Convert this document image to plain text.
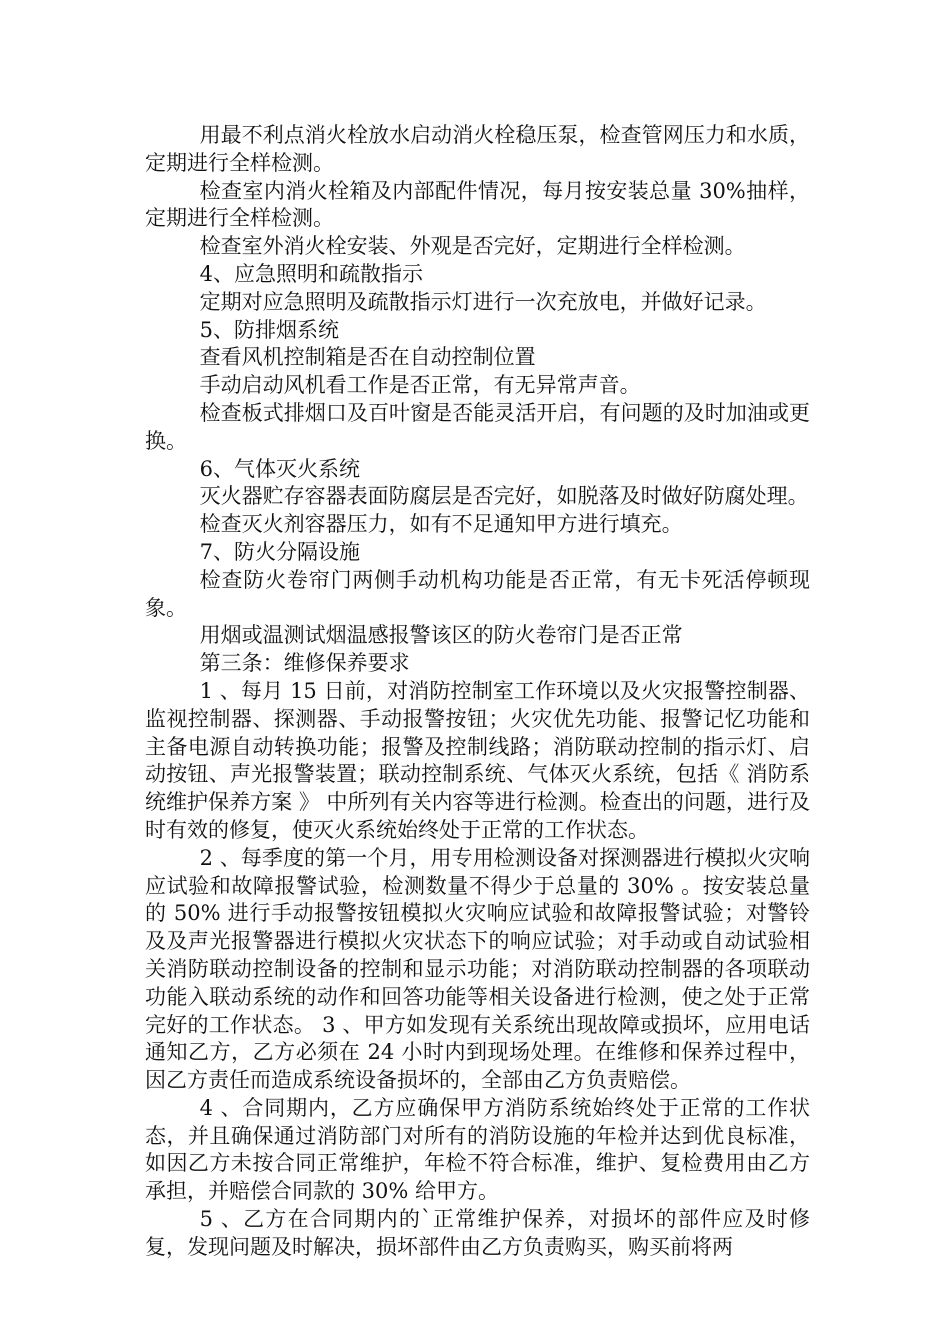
用最不利点消火栓放水启动消火栓稳压泵，检查管网压力和水质，定期进行全样检测。

检查室内消火栓箱及内部配件情况，每月按安装总量 30%抽样，定期进行全样检测。

检查室外消火栓安装、外观是否完好，定期进行全样检测。

4、应急照明和疏散指示

定期对应急照明及疏散指示灯进行一次充放电，并做好记录。

5、防排烟系统

查看风机控制箱是否在自动控制位置

手动启动风机看工作是否正常，有无异常声音。

检查板式排烟口及百叶窗是否能灵活开启，有问题的及时加油或更换。

6、气体灭火系统

灭火器贮存容器表面防腐层是否完好，如脱落及时做好防腐处理。

检查灭火剂容器压力，如有不足通知甲方进行填充。

7、防火分隔设施

检查防火卷帘门两侧手动机构功能是否正常，有无卡死活停顿现象。

用烟或温测试烟温感报警该区的防火卷帘门是否正常

第三条：维修保养要求

1 、每月 15 日前，对消防控制室工作环境以及火灾报警控制器、监视控制器、探测器、手动报警按钮；火灾优先功能、报警记忆功能和主备电源自动转换功能；报警及控制线路；消防联动控制的指示灯、启动按钮、声光报警装置；联动控制系统、气体灭火系统，包括《 消防系统维护保养方案 》 中所列有关内容等进行检测。检查出的问题，进行及时有效的修复，使灭火系统始终处于正常的工作状态。

2 、每季度的第一个月，用专用检测设备对探测器进行模拟火灾响应试验和故障报警试验，检测数量不得少于总量的 30% 。按安装总量的 50% 进行手动报警按钮模拟火灾响应试验和故障报警试验；对警铃及及声光报警器进行模拟火灾状态下的响应试验；对手动或自动试验相关消防联动控制设备的控制和显示功能；对消防联动控制器的各项联动功能入联动系统的动作和回答功能等相关设备进行检测，使之处于正常完好的工作状态。 3 、甲方如发现有关系统出现故障或损坏，应用电话通知乙方，乙方必须在 24 小时内到现场处理。在维修和保养过程中，因乙方责任而造成系统设备损坏的，全部由乙方负责赔偿。

4 、合同期内，乙方应确保甲方消防系统始终处于正常的工作状态，并且确保通过消防部门对所有的消防设施的年检并达到优良标准，如因乙方未按合同正常维护，年检不符合标准，维护、复检费用由乙方承担，并赔偿合同款的 30% 给甲方。

5 、乙方在合同期内的`正常维护保养，对损坏的部件应及时修复，发现问题及时解决，损坏部件由乙方负责购买，购买前将两
